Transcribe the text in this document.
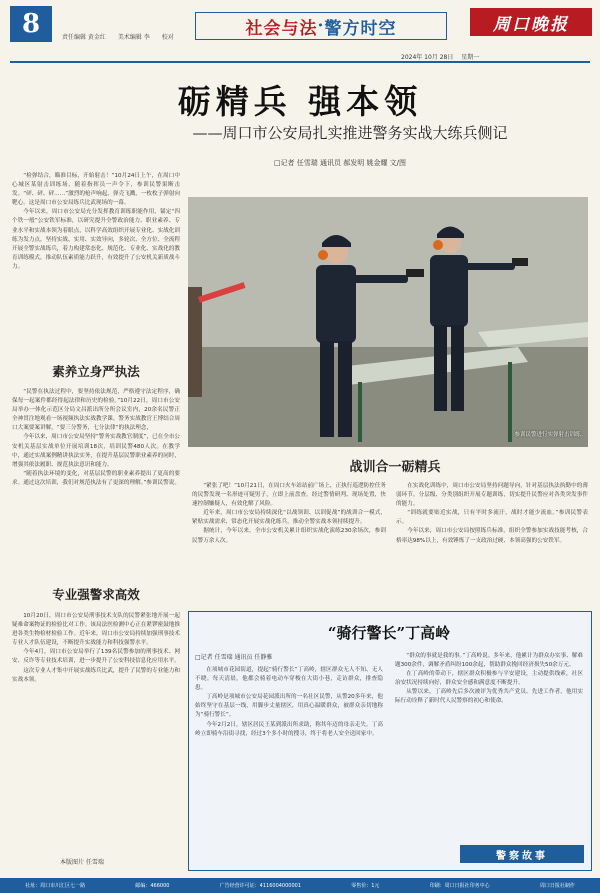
8	责任编辑 黄金红 美术编辑 李 校对	社会与法 · 警方时空	周口晚报
2024年 10月 28日 星期一
砺精兵 强本领
——周口市公安局扎实推进警务实战大练兵侧记
□记者 任雪瑞 通讯员 郝发明 姚金耀 文/图

“检弹结合，瞄准目标，开始射击！”10月24日上午，在周口中心城区某射击训练场，随着指挥员一声令下，参训民警果断击发。“砰、砰、砰……”激烈的枪声响起，弹壳飞溅，一枚枚子弹射向靶心。这是周口市公安局练兵比武现场的一幕。

今年以来，周口市公安局充分发挥教育训练职能作用，锚定“四个铁一般”公安铁军标准，以研究提升全警政治能力、职业素养、专业水平和实战本领为着眼点，以科学高效组织开展专业化、实战化训练为发力点，坚持实战、实用、实效导向，多轮次、全方位、全流程开展全警实战练兵，着力构建常态化、规范化、专业化、实战化的教育训练模式，推动队伍素质能力跃升，有效提升了公安机关新质战斗力。

素养立身严执法

“民警在执法过程中，要坚持依法规范，严格遵守法定程序，确保每一起案件都经得起法律和历史的检验。”10月22日，周口市公安局举办一体化示范区分局文昌派出所分所会议室内，20余名民警正全神贯注地观看一场视频执法实战教学课。警务实战教官王博结合周口大案要案讲解，“要三分警务，七分法律”的执法理念，

今年以来，周口市公安局坚持“警务实战教官制度”，已在全市公安机关基层实战单位开展培训18次，培训民警480人次。在教学中，通过实战案例精讲执法实务，在提升基层民警职业素养的同时，增强其依法履职、规范执法意识和能力。

“随着执法环境的变化，对基层民警的职业素养提出了更高的要求。通过这次培训，我们对规范执法有了更深的理解。”参训民警说。

专业强警求高效

10月20日，周口市公安局刑事技术支队的民警紧张地开展一起疑难命案物证的检验比对工作。该局法医检测中心正在紧锣密鼓地推进各类生物检材检验工作。近年来，周口市公安局持续加强刑事技术专业人才队伍建设，不断提升实战能力和科技强警水平。

今年4月，周口市公安局举行了139名民警参加的刑事技术、网安、反诈等专业技术培训，进一步提升了公安科技信息化应用水平。

这次专业人才集中开展实战练兵比武，提升了民警的专业能力和实战本领。

本版图片 任雪瑞
参训民警进行实弹射击训练。
战训合一砺精兵

“紧张了吧！”10月21日，在周口火车站站前广场上，正执行巡逻防控任务的民警发现一名形迹可疑男子，立即上前盘查。经过警情研判、现场处置，快速控制嫌疑人，有效化解了风险。

近年来，周口市公安局持续深化“以战领训、以训促战”的战训合一模式，紧贴实战需求，常态化开展实战化练兵，推动全警实战本领持续提升。

据统计，今年以来，全市公安机关累计组织实战化演练230余场次，参训民警万余人次。

在实战化训练中，周口市公安局坚持问题导向，针对基层执法执勤中的薄弱环节，分层级、分类别组织开展专题训练，切实提升民警应对各类突发事件的能力。

“训练就要贴近实战，只有平时多流汗，战时才能少流血。”参训民警表示。

今年以来，周口市公安局按照练兵标准，组织全警参加实战技能考核，合格率达98%以上，有效锤炼了一支政治过硬、本领高强的公安铁军。

“骑行警长”丁高岭
□记者 任雪瑞 通讯员 任静雅

在项城市花园街道，提起“骑行警长”丁高岭，辖区群众无人不知、无人不晓。每天清晨，他都会骑着电动车穿梭在大街小巷，走访群众，排查隐患。

丁高岭是项城市公安局花园派出所的一名社区民警，从警20多年来，他始终坚守在基层一线，用脚步丈量辖区，用真心温暖群众，被群众亲切地称为“骑行警长”。

今年2月2日，辖区居民王某到派出所求助，称其年迈的母亲走失。丁高岭立即骑车沿街寻找，经过3个多小时的搜寻，终于将老人安全送回家中。

“群众的事就是我的事。”丁高岭说。多年来，他累计为群众办实事、解难题300余件，调解矛盾纠纷100余起，帮助群众挽回经济损失50余万元。

在丁高岭的带动下，辖区群众积极参与平安建设，主动提供线索，社区治安状况持续向好，群众安全感和满意度不断提升。

从警以来，丁高岭先后多次被评为优秀共产党员、先进工作者，他用实际行动诠释了新时代人民警察的初心和使命。

警察故事
社址：周口市川汇区七一路	邮编：466000	广告经营许可证：4116004000001	零售价：1元	印刷：周口日报社印务中心	周口日报社制作
